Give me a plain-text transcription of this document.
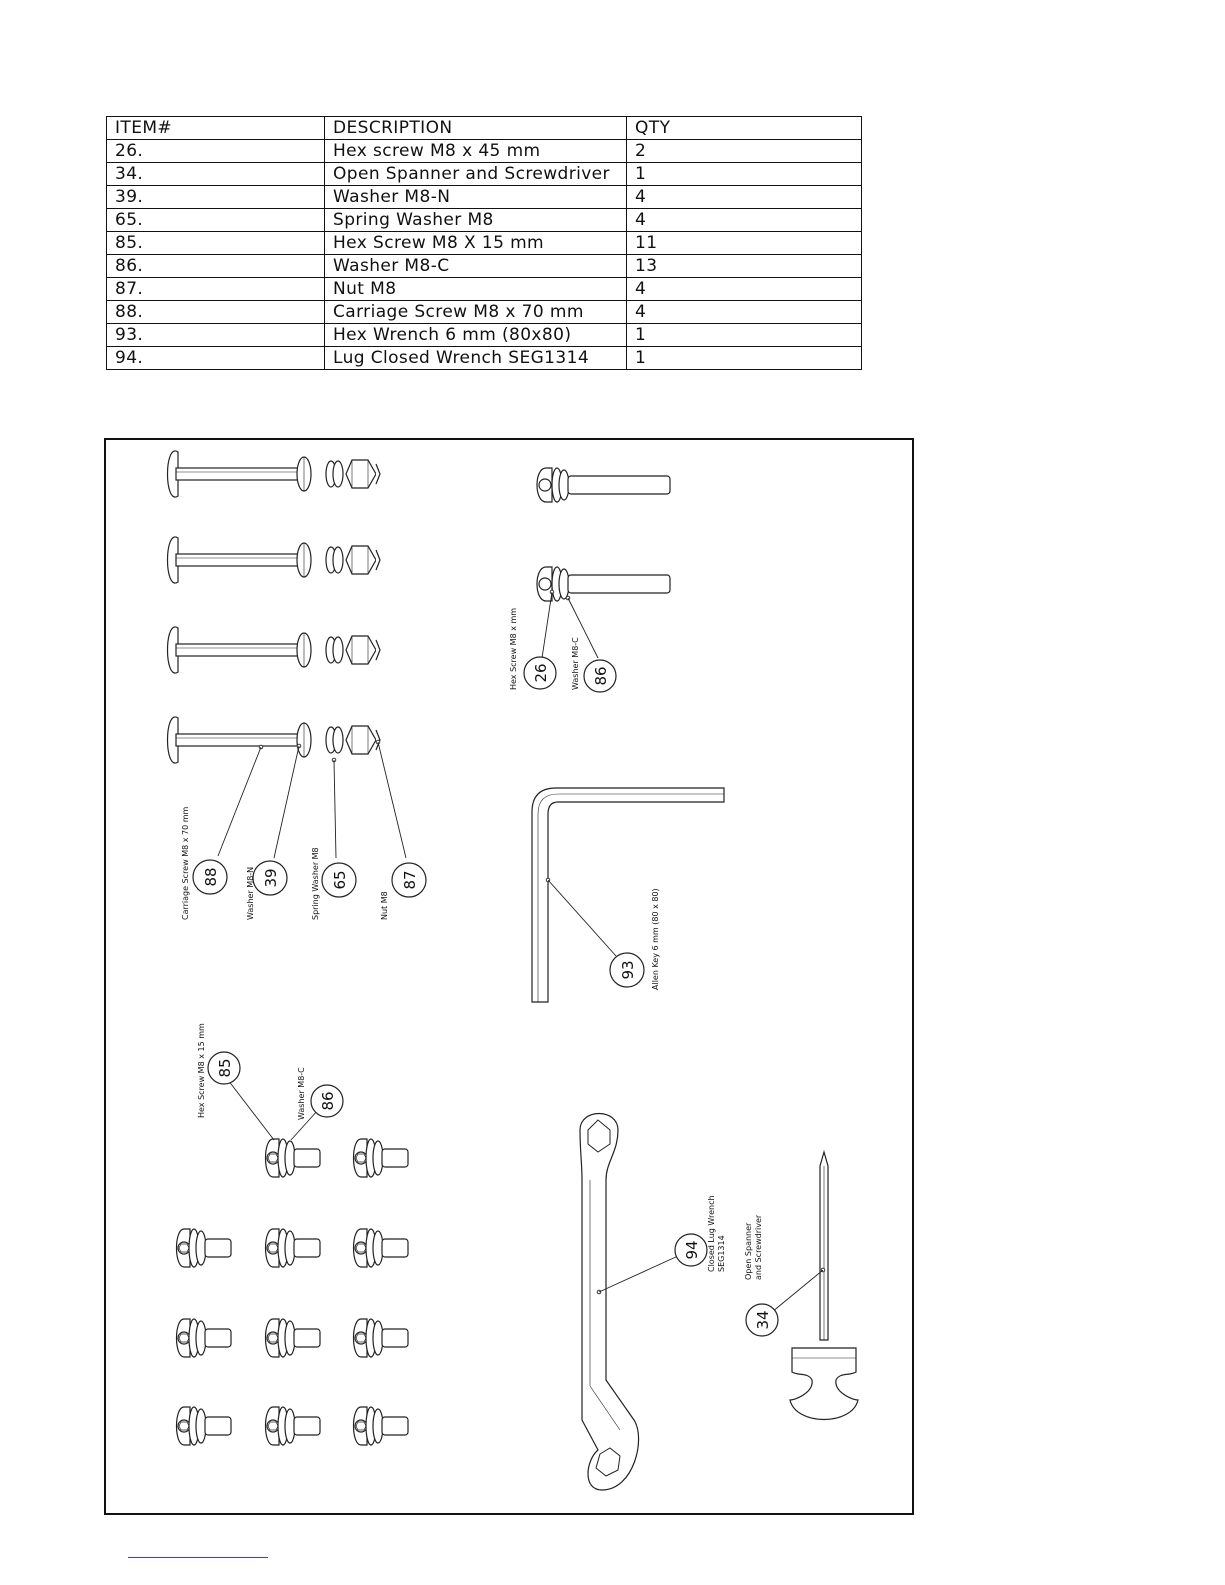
ITEM#	DESCRIPTION	QTY
26.	Hex screw M8 x 45 mm	2
34.	Open Spanner and Screwdriver	1
39.	Washer M8-N	4
65.	Spring Washer M8	4
85.	Hex Screw M8 X 15 mm	11
86.	Washer M8-C	13
87.	Nut M8	4
88.	Carriage Screw M8 x 70 mm	4
93.	Hex Wrench 6 mm (80x80)	1
94.	Lug Closed Wrench SEG1314	1
88	39	65	87
Carriage Screw M8 x 70 mm	Washer M8-N	Spring Washer M8	Nut M8
26	86
Hex Screw M8 x mm	Washer M8-C
93 Allen Key 6 mm (80 x 80)
85
86
Hex Screw M8 x 15 mm	Washer M8-C
94 Closed Lug Wrench SEG1314
34
Open Spanner and Screwdriver
